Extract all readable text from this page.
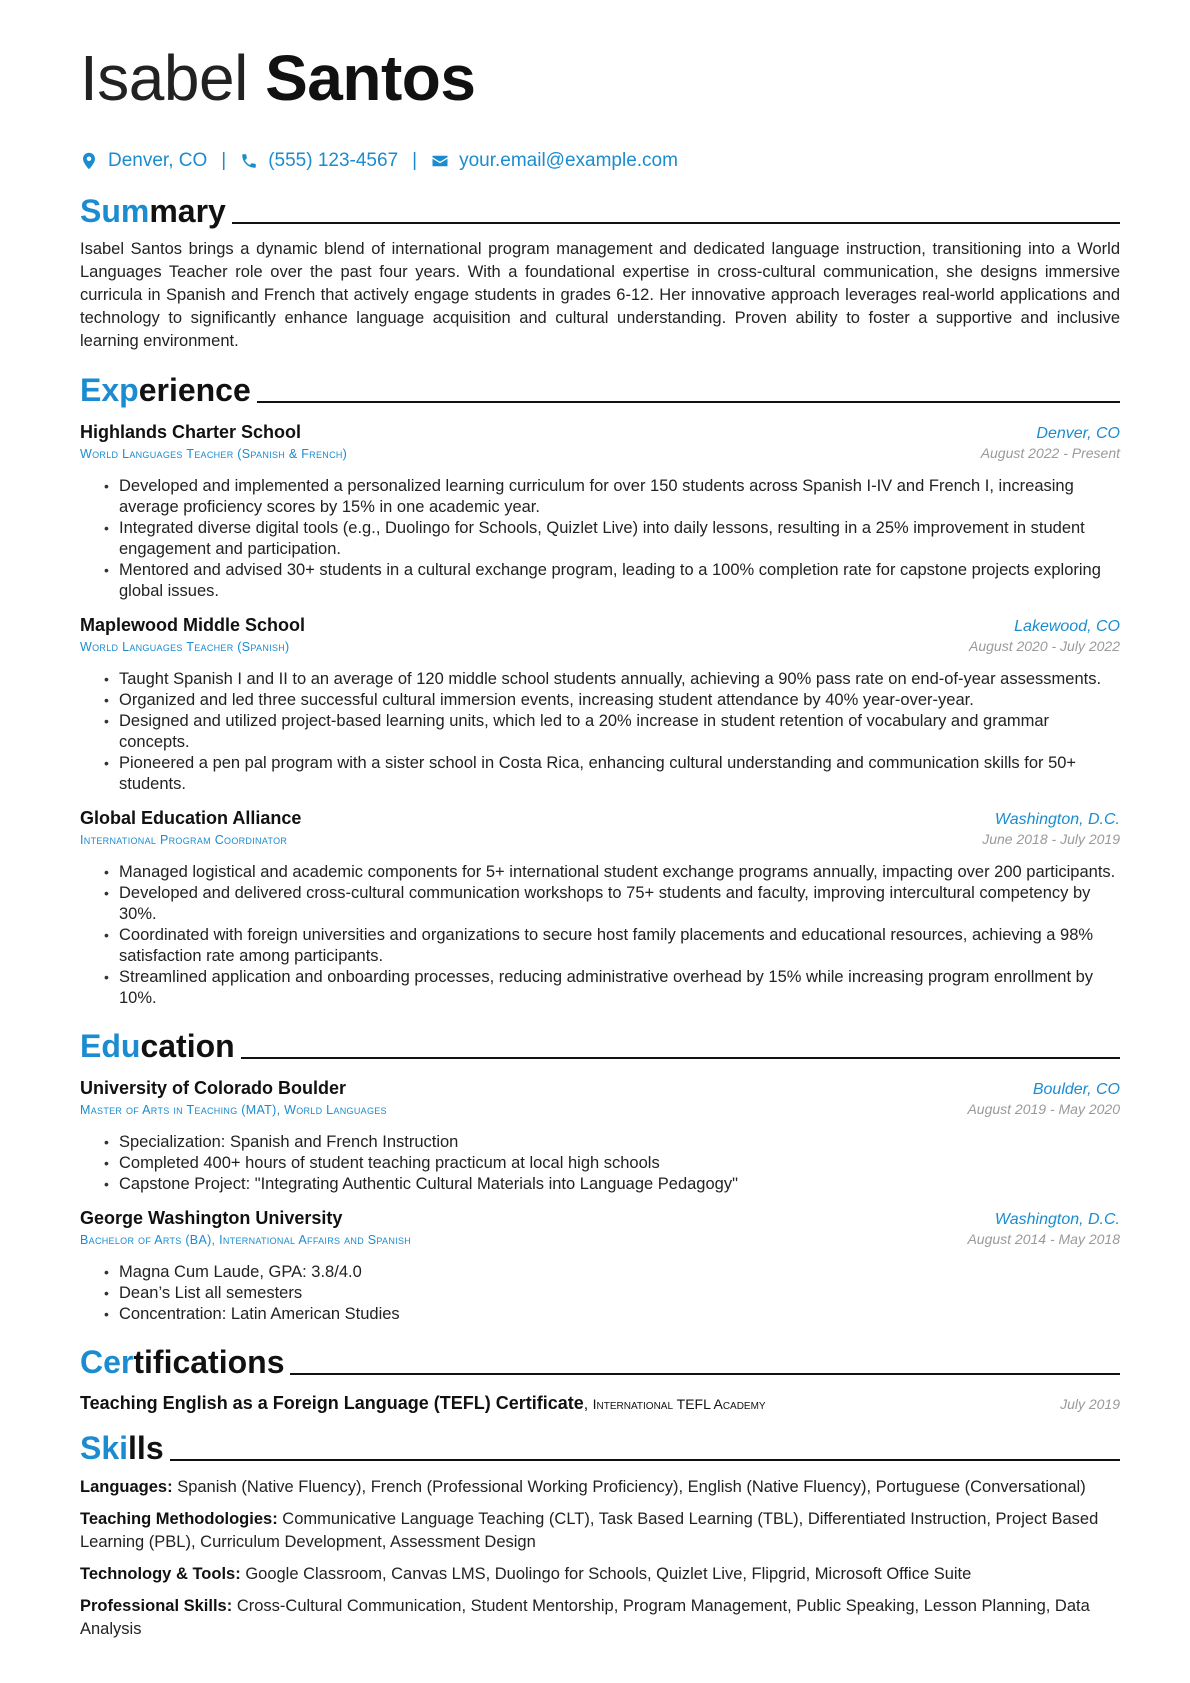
Isabel Santos
Denver, CO | (555) 123-4567 | your.email@example.com
Summary
Isabel Santos brings a dynamic blend of international program management and dedicated language instruction, transitioning into a World Languages Teacher role over the past four years. With a foundational expertise in cross-cultural communication, she designs immersive curricula in Spanish and French that actively engage students in grades 6-12. Her innovative approach leverages real-world applications and technology to significantly enhance language acquisition and cultural understanding. Proven ability to foster a supportive and inclusive learning environment.
Experience
Highlands Charter School	Denver, CO
World Languages Teacher (Spanish & French)	August 2022 - Present
• Developed and implemented a personalized learning curriculum for over 150 students across Spanish I-IV and French I, increasing average proficiency scores by 15% in one academic year.
• Integrated diverse digital tools (e.g., Duolingo for Schools, Quizlet Live) into daily lessons, resulting in a 25% improvement in student engagement and participation.
• Mentored and advised 30+ students in a cultural exchange program, leading to a 100% completion rate for capstone projects exploring global issues.
Maplewood Middle School	Lakewood, CO
World Languages Teacher (Spanish)	August 2020 - July 2022
• Taught Spanish I and II to an average of 120 middle school students annually, achieving a 90% pass rate on end-of-year assessments.
• Organized and led three successful cultural immersion events, increasing student attendance by 40% year-over-year.
• Designed and utilized project-based learning units, which led to a 20% increase in student retention of vocabulary and grammar concepts.
• Pioneered a pen pal program with a sister school in Costa Rica, enhancing cultural understanding and communication skills for 50+ students.
Global Education Alliance	Washington, D.C.
International Program Coordinator	June 2018 - July 2019
• Managed logistical and academic components for 5+ international student exchange programs annually, impacting over 200 participants.
• Developed and delivered cross-cultural communication workshops to 75+ students and faculty, improving intercultural competency by 30%.
• Coordinated with foreign universities and organizations to secure host family placements and educational resources, achieving a 98% satisfaction rate among participants.
• Streamlined application and onboarding processes, reducing administrative overhead by 15% while increasing program enrollment by 10%.
Education
University of Colorado Boulder	Boulder, CO
Master of Arts in Teaching (MAT), World Languages	August 2019 - May 2020
• Specialization: Spanish and French Instruction
• Completed 400+ hours of student teaching practicum at local high schools
• Capstone Project: "Integrating Authentic Cultural Materials into Language Pedagogy"
George Washington University	Washington, D.C.
Bachelor of Arts (BA), International Affairs and Spanish	August 2014 - May 2018
• Magna Cum Laude, GPA: 3.8/4.0
• Dean’s List all semesters
• Concentration: Latin American Studies
Certifications
Teaching English as a Foreign Language (TEFL) Certificate, International TEFL Academy	July 2019
Skills
Languages: Spanish (Native Fluency), French (Professional Working Proficiency), English (Native Fluency), Portuguese (Conversational)
Teaching Methodologies: Communicative Language Teaching (CLT), Task Based Learning (TBL), Differentiated Instruction, Project Based Learning (PBL), Curriculum Development, Assessment Design
Technology & Tools: Google Classroom, Canvas LMS, Duolingo for Schools, Quizlet Live, Flipgrid, Microsoft Office Suite
Professional Skills: Cross-Cultural Communication, Student Mentorship, Program Management, Public Speaking, Lesson Planning, Data Analysis
